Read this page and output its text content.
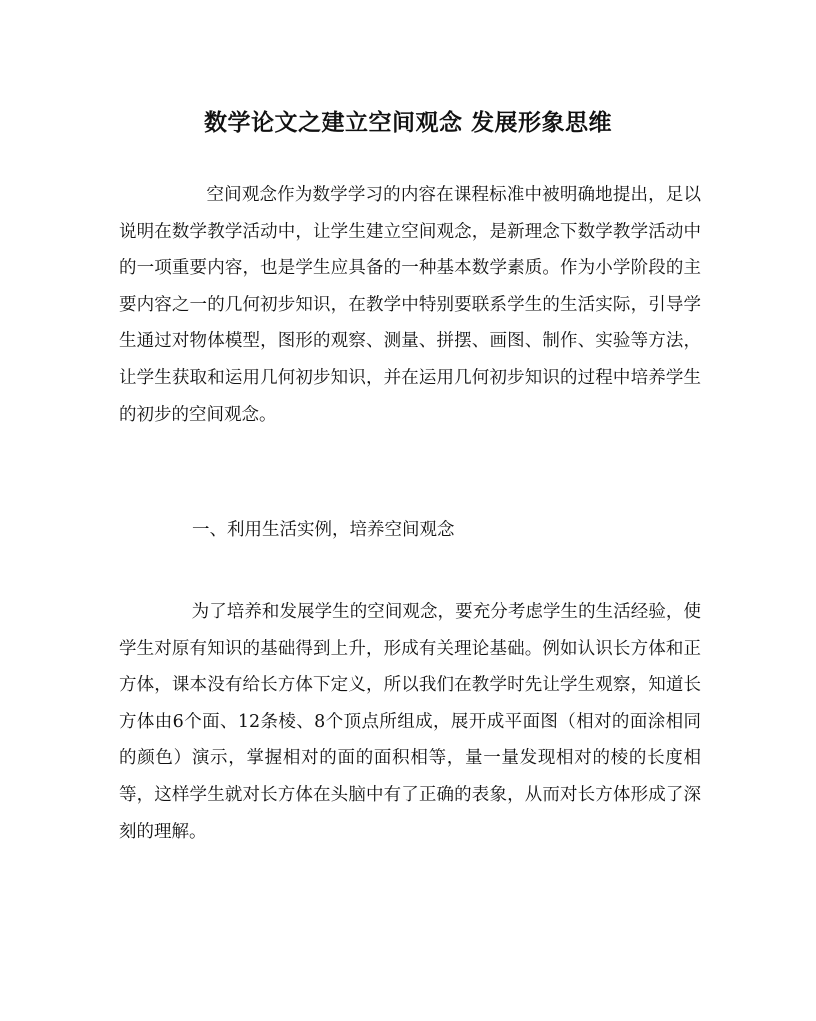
数学论文之建立空间观念 发展形象思维
空间观念作为数学学习的内容在课程标准中被明确地提出，足以说明在数学教学活动中，让学生建立空间观念，是新理念下数学教学活动中的一项重要内容，也是学生应具备的一种基本数学素质。作为小学阶段的主要内容之一的几何初步知识，在教学中特别要联系学生的生活实际，引导学生通过对物体模型，图形的观察、测量、拼摆、画图、制作、实验等方法，让学生获取和运用几何初步知识，并在运用几何初步知识的过程中培养学生的初步的空间观念。
一、利用生活实例，培养空间观念
为了培养和发展学生的空间观念，要充分考虑学生的生活经验，使学生对原有知识的基础得到上升，形成有关理论基础。例如认识长方体和正方体，课本没有给长方体下定义，所以我们在教学时先让学生观察，知道长方体由6个面、12条棱、8个顶点所组成，展开成平面图（相对的面涂相同的颜色）演示，掌握相对的面的面积相等，量一量发现相对的棱的长度相等，这样学生就对长方体在头脑中有了正确的表象，从而对长方体形成了深刻的理解。
